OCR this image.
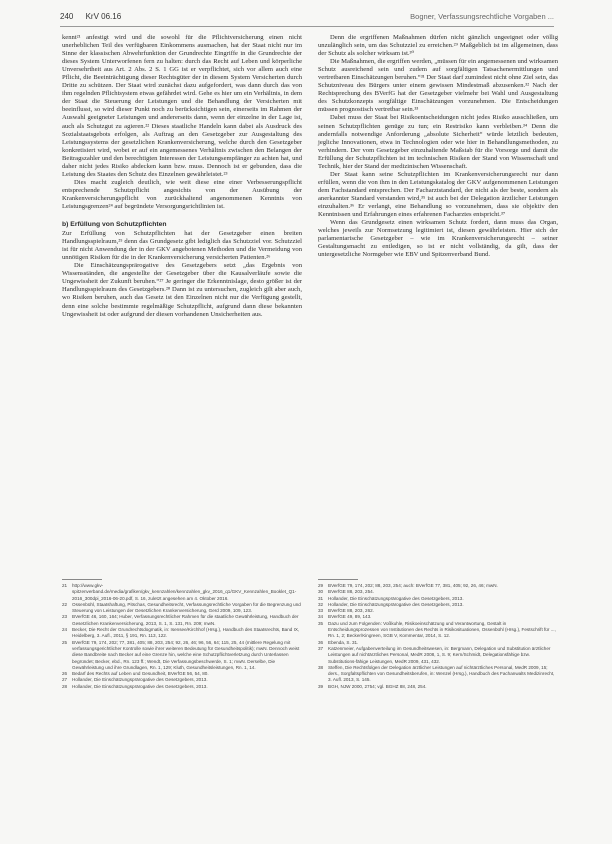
240 KrV 06.16	Bogner, Verfassungsrechtliche Vorgaben ...

kennt²¹ anfestigt wird und die sowohl für die Pflichtversicherung einen nicht unerheblichen Teil des verfügbaren Einkommens ausmachen, hat der Staat nicht nur im Sinne der klassischen Abwehrfunktion der Grundrechte Eingriffe in die Grundrechte der dieses System Unterworfenen fern zu halten: durch das Recht auf Leben und körperliche Unversehrtheit aus Art. 2 Abs. 2 S. 1 GG ist er verpflichtet, sich vor allem auch eine Pflicht, die Beeinträchtigung dieser Rechtsgüter der in diesem System Versicherten durch Dritte zu schützen. Der Staat wird zunächst dazu aufgefordert, was dann durch das von ihm regelnden Pflichtsystem etwas gefährdet wird. Gehe es hier um ein Verhältnis, in dem der Staat die Steuerung der Leistungen und die Behandlung der Versicherten mit beeinflusst, so wird dieser Punkt noch zu berücksichtigen sein, einerseits im Rahmen der Auswahl geeigneter Leistungen und andererseits dann, wenn der einzelne in der Lage ist, auch als Schutzgut zu agieren.²² Dieses staatliche Handeln kann dabei als Ausdruck des Sozialstaatsgebots erfolgen, als Auftrag an den Gesetzgeber zur Ausgestaltung des Leistungssystems der gesetzlichen Krankenversicherung, welche durch den Gesetzgeber konkretisiert wird, wobei er auf ein angemessenes Verhältnis zwischen den Belangen der Beitragszahler und den berechtigten Interessen der Leistungsempfänger zu achten hat, und daher nicht jedes Risiko abdecken kann bzw. muss. Dennoch ist er gebunden, dass die Leistung des Staates den Schutz des Einzelnen gewährleistet.²³

Dies macht zugleich deutlich, wie weit diese eine einer Verbesserungspflicht entsprechende Schutzpflicht angesichts von der Ausübung der Krankenversicherungspflicht von zurückhaltend angenommenen Kenntnis von Leistungsgrenzen²⁴ auf begründete Versorgungsrichtlinien ist.

b) Erfüllung von Schutzpflichten

Zur Erfüllung von Schutzpflichten hat der Gesetzgeber einen breiten Handlungsspielraum,²⁵ denn das Grundgesetz gibt lediglich das Schutzziel vor. Schutzziel ist für nicht Anwendung der in der GKV angebotenen Methoden und die Vermeidung von unnötigen Risiken für die in der Krankenversicherung versicherten Patienten.²⁶

Die Einschätzungsprärogative des Gesetzgebers setzt „das Ergebnis von Wissensständen, die angestellte der Gesetzgeber über die Kausalverläufe sowie die Ungewissheit der Zukunft beruhen.“²⁷ Je geringer die Erkenntnislage, desto größer ist der Handlungsspielraum des Gesetzgebers.²⁸ Dann ist zu untersuchen, zugleich gilt aber auch, wo Risiken beruhen, auch das Gesetz ist den Einzelnen nicht nur die Verfügung gestellt, denn eine solche bestimmte regelmäßige Schutzpflicht, aufgrund dann diese bekannten Ungewissheit ist oder aufgrund der diesen vorhandenen Unsicherheiten aus.

Denn die ergriffenen Maßnahmen dürfen nicht gänzlich ungeeignet oder völlig unzulänglich sein, um das Schutzziel zu erreichen.²⁹ Maßgeblich ist im allgemeinen, dass der Schutz als solcher wirksam ist.³⁰

Die Maßnahmen, die ergriffen werden, „müssen für ein angemessenen und wirksamen Schutz ausreichend sein und zudem auf sorgfältigen Tatsachenermittlungen und vertretbaren Einschätzungen beruhen.“³¹ Der Staat darf zumindest nicht ohne Ziel sein, das Schutzniveau des Bürgers unter einem gewissen Mindestmaß abzusenken.³² Nach der Rechtsprechung des BVerfG hat der Gesetzgeber vielmehr bei Wahl und Ausgestaltung des Schutzkonzepts sorgfältige Einschätzungen vorzunehmen. Die Entscheidungen müssen prognostisch vertretbar sein.³³

Dabei muss der Staat bei Risikoentscheidungen nicht jedes Risiko ausschließen, um seinen Schutzpflichten genüge zu tun; ein Restrisiko kann verbleiben.³⁴ Denn die andernfalls notwendige Anforderung „absolute Sicherheit“ würde letztlich bedeuten, jegliche Innovationen, etwa in Technologien oder wie hier in Behandlungsmethoden, zu verhindern. Der vom Gesetzgeber einzuhaltende Maßstab für die Vorsorge und damit die Erfüllung der Schutzpflichten ist im technischen Risiken der Stand von Wissenschaft und Technik, hier der Stand der medizinischen Wissenschaft.

Der Staat kann seine Schutzpflichten im Krankenversicherungsrecht nur dann erfüllen, wenn die von ihm in den Leistungskatalog der GKV aufgenommenen Leistungen dem Fachstandard entsprechen. Der Facharztstandard, der nicht als der beste, sondern als anerkannter Standard verstanden wird,³⁵ ist auch bei der Delegation ärztlicher Leistungen einzuhalten.³⁶ Er verlangt, eine Behandlung so vorzunehmen, dass sie objektiv den Kenntnissen und Erfahrungen eines erfahrenen Facharztes entspricht.³⁷

Wenn das Grundgesetz einen wirksamen Schutz fordert, dann muss das Organ, welches jeweils zur Normsetzung legitimiert ist, diesen gewährleisten. Hier sich der parlamentarische Gesetzgeber – wie im Krankenversicherungsrecht – seiner Gestaltungsmacht zu entledigen, so ist er nicht vollständig, da gilt, dass der untergesetzliche Normgeber wie EBV und Spitzenverband Bund.

21	http://www.gkv-spitzenverband.de/media/grafiken/gkv_kennzahlen/kennzahlen_gkv_2016_q1/GKV_Kennzahlen_Booklet_Q1-2016_300dpi_2016-06-20.pdf, S. 16, zuletzt angesehen am 4. Oktober 2016.
22	Ossenbühl, Staatshaftung, Pitschas, Gesundheitsrecht, Verfassungsrechtliche Vorgaben für die Begrenzung und Steuerung von Leistungen der Gesetzlichen Krankenversicherung, Gerd 2009, 109, 123.
23	BVerfGE 46, 160, 164; Huber, Verfassungsrechtlicher Rahmen für die staatliche Gewährleistung, Handbuch der Gesetzlichen Krankenversicherung, 2013, S. 1, S. 131, Rn. 209; mwN.
24	Becker, Die Recht der Grundrechtsdogmatik, in: Isensee/Kirchhof (Hrsg.), Handbuch des Staatsrechts, Band IX, Heidelberg, 3. Aufl., 2011, § 191, Rn. 113, 122.
25	BVerfGE 79, 174, 202; 77, 381, 405; 88, 203, 254; 92, 26, 46; 96, 56, 64; 115, 25, 44 (mittlere Regelung mit verfassungsgerichtlicher Kontrolle sowie ihrer weiteren Bedeutung für Gesundheitspolitik); mwN. Dennoch weist diese Bandbreite nach Becker auf eine Grenze hin, welche eine Schutzpflichtverletzung durch Unterlassen begründet; Becker, ebd., Rn. 123 ff.; Wendt, Die Verfassungsbeschwerde, S. 1; mwN. Derselbe, Die Gewährleistung und ihre Grundlagen, Rn. 1, 129; Kluth, Gesundheitsleistungen, Rn. 1, 14.
26	Bedarf des Rechts auf Leben und Gesundheit, BVerfGE 56, 54, 80.
27	Hollander, Die Einschätzungsprärogative des Gesetzgebers, 2013.
28	Hollander, Die Einschätzungsprärogative des Gesetzgebers, 2013.
29	BVerfGE 79, 174, 202; 88, 203, 254; auch: BVerfGE 77, 381, 405; 92, 26, 46; mwN.
30	BVerfGE 88, 203, 254.
31	Hollander, Die Einschätzungsprärogative des Gesetzgebers, 2013.
32	Hollander, Die Einschätzungsprärogative des Gesetzgebers, 2013.
33	BVerfGE 88, 203, 262.
34	BVerfGE 49, 89, 143.
35	Dazu und zum Folgenden: Voßkuhle, Risikoeinschätzung und Verantwortung, Gestalt in Entscheidungsprozessen von Institutionen des Rechts in Risikosituationen, Ossenbühl (Hrsg.), Festschrift für ..., Rn. 1, 2; Becker/Kingreen, SGB V, Kommentar, 2014, S. 12.
36	Ebenda, S. 31.
37	Katzenmeier, Aufgabenverteilung im Gesundheitswesen, in: Bergmann, Delegation und Substitution ärztlicher Leistungen auf nichtärztliches Personal, MedR 2008, 1, S. 9; Kern/Schmidt, Delegationsfähige bzw. Substitutions-fähige Leistungen, MedR 2009, 431, 432.
38	Steffen, Die Rechtsfolgen der Delegation ärztlicher Leistungen auf nichtärztliches Personal, MedR 2009, 15; ders., Sorgfaltspflichten von Gesundheitsberufen, in: Wenzel (Hrsg.), Handbuch des Fachanwalts Medizinrecht, 3. Aufl. 2013, S. 145.
39	BGH, NJW 2000, 2754; vgl. BGHZ 88, 248, 254.
